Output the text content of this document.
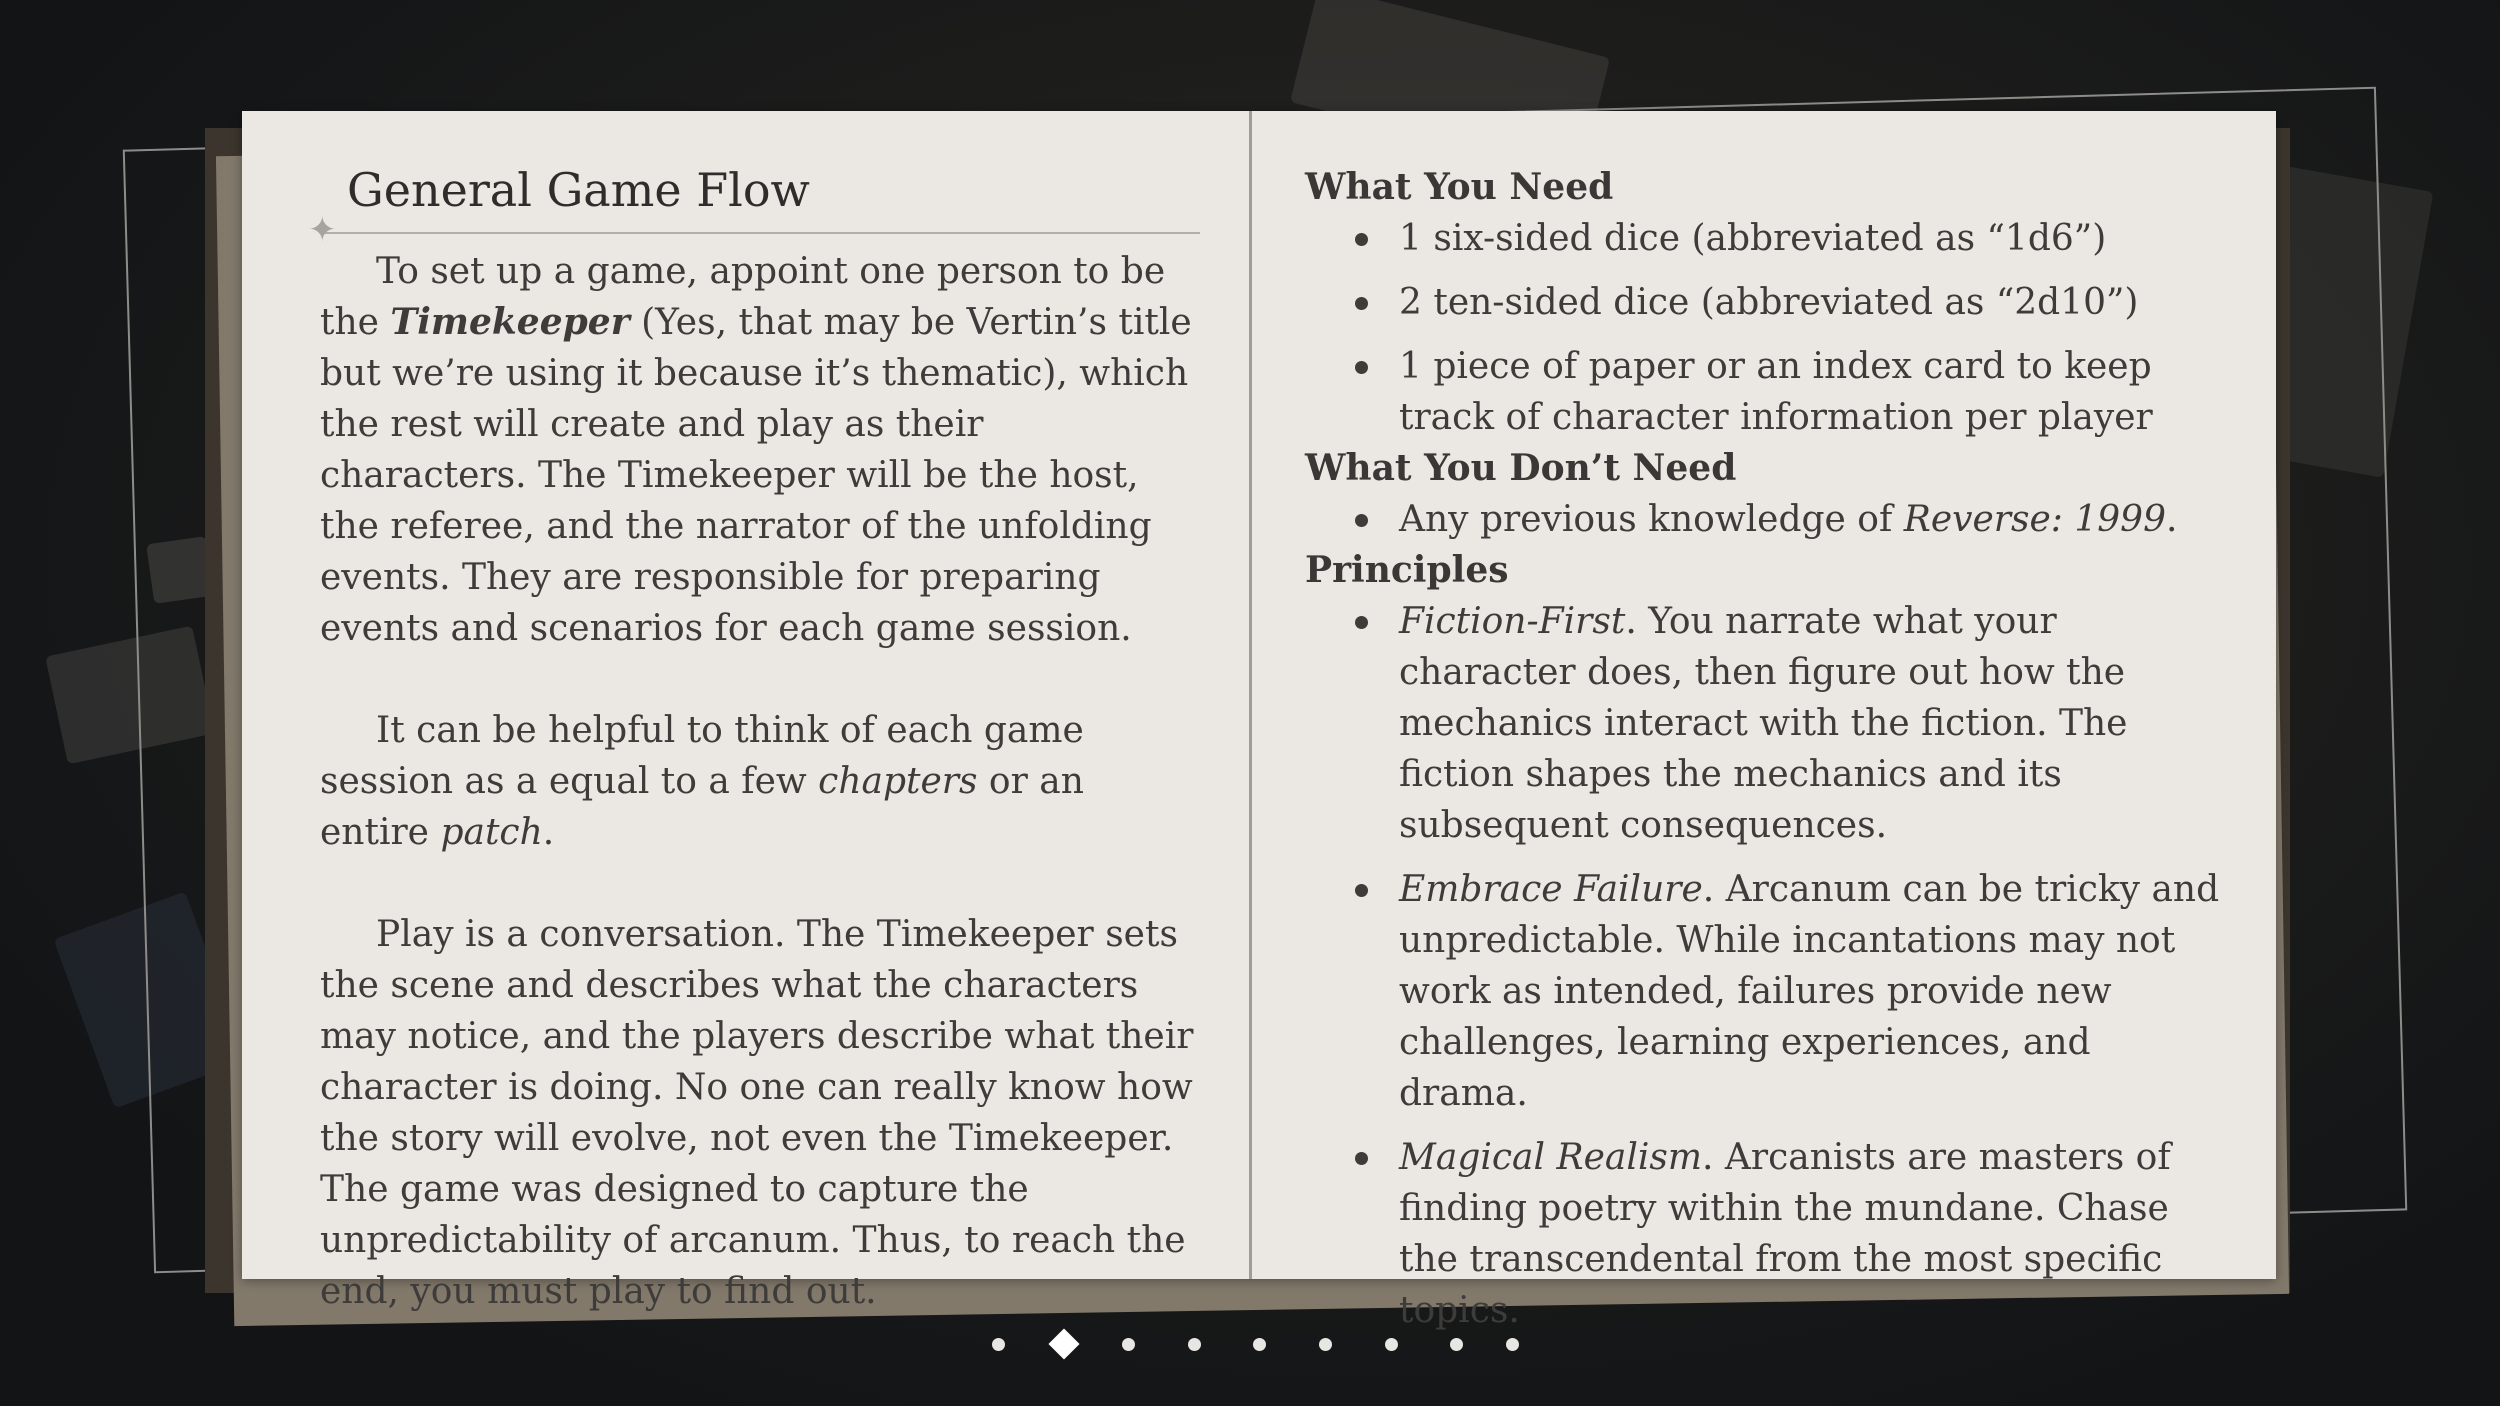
General Game Flow
✦

To set up a game, appoint one person to be the Timekeeper (Yes, that may be Vertin’s title but we’re using it because it’s thematic), which the rest will create and play as their characters. The Timekeeper will be the host, the referee, and the narrator of the unfolding events. They are responsible for preparing events and scenarios for each game session.

It can be helpful to think of each game session as a equal to a few chapters or an entire patch.

Play is a conversation. The Timekeeper sets the scene and describes what the characters may notice, and the players describe what their character is doing. No one can really know how the story will evolve, not even the Timekeeper. The game was designed to capture the unpredictability of arcanum. Thus, to reach the end, you must play to find out.

What You Need
1 six-sided dice (abbreviated as “1d6”)
2 ten-sided dice (abbreviated as “2d10”)
1 piece of paper or an index card to keep track of character information per player
What You Don’t Need
Any previous knowledge of Reverse: 1999.
Principles
Fiction-First. You narrate what your character does, then figure out how the mechanics interact with the fiction. The fiction shapes the mechanics and its subsequent consequences.
Embrace Failure. Arcanum can be tricky and unpredictable. While incantations may not work as intended, failures provide new challenges, learning experiences, and drama.
Magical Realism. Arcanists are masters of finding poetry within the mundane. Chase the transcendental from the most specific topics.
